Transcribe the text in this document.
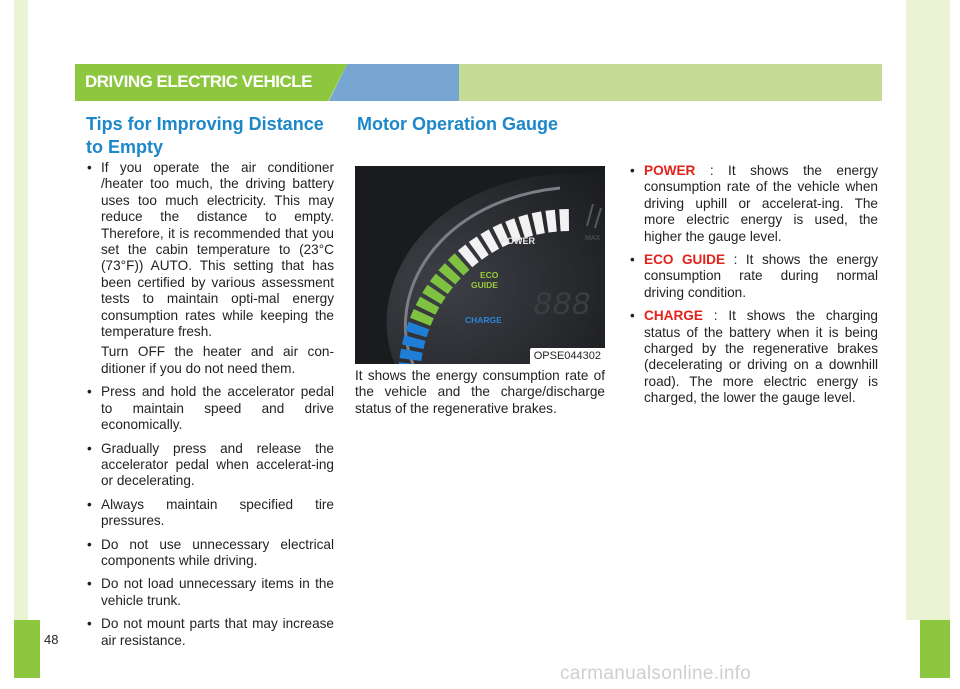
48
DRIVING ELECTRIC VEHICLE
Tips for Improving Distance
to Empty
• If you operate the air conditioner /heater too much, the driving battery uses too much electricity. This may reduce the distance to empty. Therefore, it is recommended that you set the cabin temperature to (23°C (73°F)) AUTO. This setting that has been certified by various assessment tests to maintain opti-mal energy consumption rates while keeping the temperature fresh.

Turn OFF the heater and air con-ditioner if you do not need them.

• Press and hold the accelerator pedal to maintain speed and drive economically.
• Gradually press and release the accelerator pedal when accelerat-ing or decelerating.
• Always maintain specified tire pressures.
• Do not use unnecessary electrical components while driving.
• Do not load unnecessary items in the vehicle trunk.
• Do not mount parts that may increase air resistance.
Motor Operation Gauge
POWER
ECO
GUIDE
CHARGE
MAX
888
OPSE044302
It shows the energy consumption rate of the vehicle and the charge/discharge status of the regenerative brakes.
• POWER : It shows the energy consumption rate of the vehicle when driving uphill or accelerat-ing. The more electric energy is used, the higher the gauge level.
• ECO GUIDE : It shows the energy consumption rate during normal driving condition.
• CHARGE : It shows the charging status of the battery when it is being charged by the regenerative brakes (decelerating or driving on a downhill road). The more electric energy is charged, the lower the gauge level.
carmanualsonline.info
